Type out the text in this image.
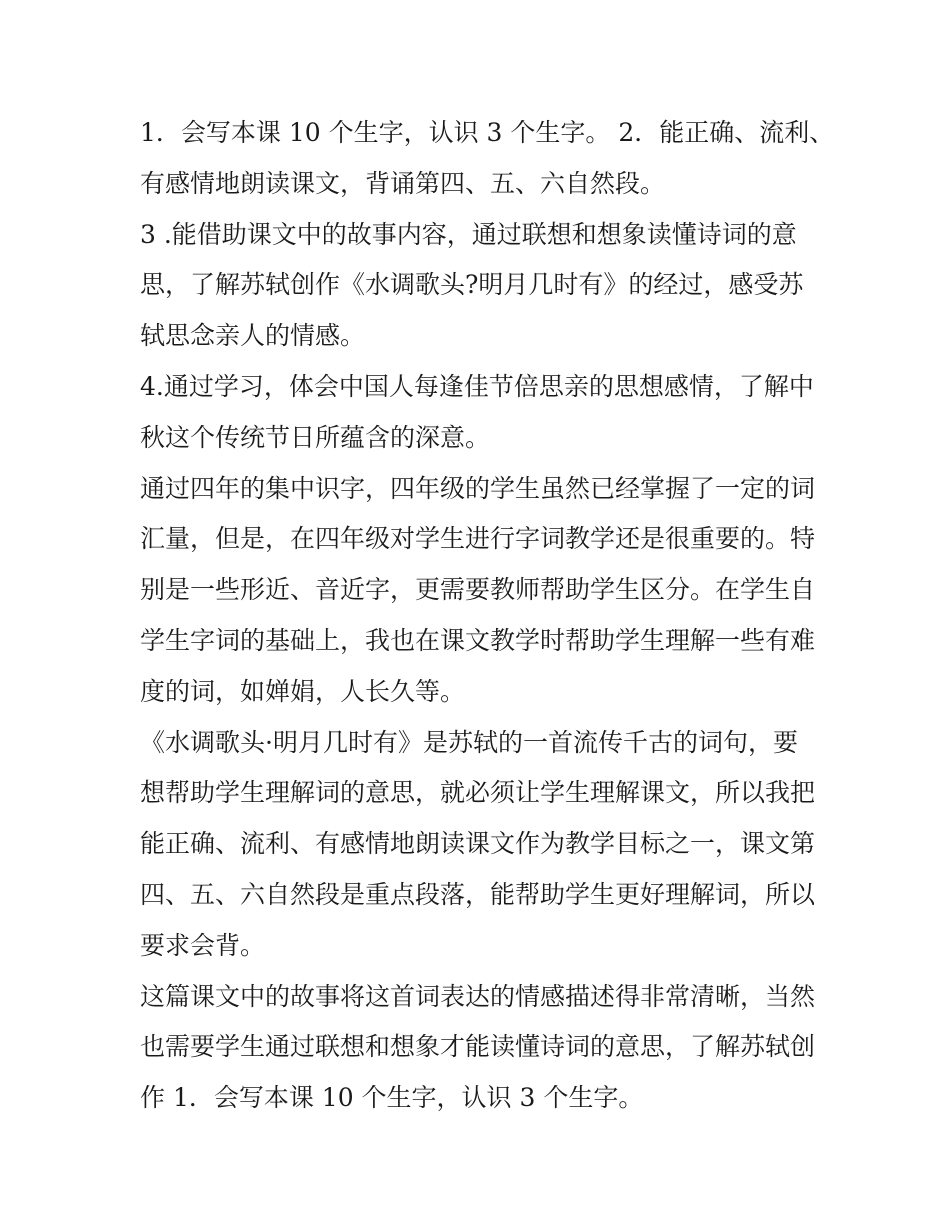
1．会写本课 10 个生字，认识 3 个生字。 2．能正确、流利、
有感情地朗读课文，背诵第四、五、六自然段。
3 .能借助课文中的故事内容，通过联想和想象读懂诗词的意
思，了解苏轼创作《水调歌头?明月几时有》的经过，感受苏
轼思念亲人的情感。
4.通过学习，体会中国人每逢佳节倍思亲的思想感情，了解中
秋这个传统节日所蕴含的深意。
通过四年的集中识字，四年级的学生虽然已经掌握了一定的词
汇量，但是，在四年级对学生进行字词教学还是很重要的。特
别是一些形近、音近字，更需要教师帮助学生区分。在学生自
学生字词的基础上，我也在课文教学时帮助学生理解一些有难
度的词，如婵娟，人长久等。
《水调歌头·明月几时有》是苏轼的一首流传千古的词句，要
想帮助学生理解词的意思，就必须让学生理解课文，所以我把
能正确、流利、有感情地朗读课文作为教学目标之一，课文第
四、五、六自然段是重点段落，能帮助学生更好理解词，所以
要求会背。
这篇课文中的故事将这首词表达的情感描述得非常清晰，当然
也需要学生通过联想和想象才能读懂诗词的意思，了解苏轼创
作 1．会写本课 10 个生字，认识 3 个生字。
